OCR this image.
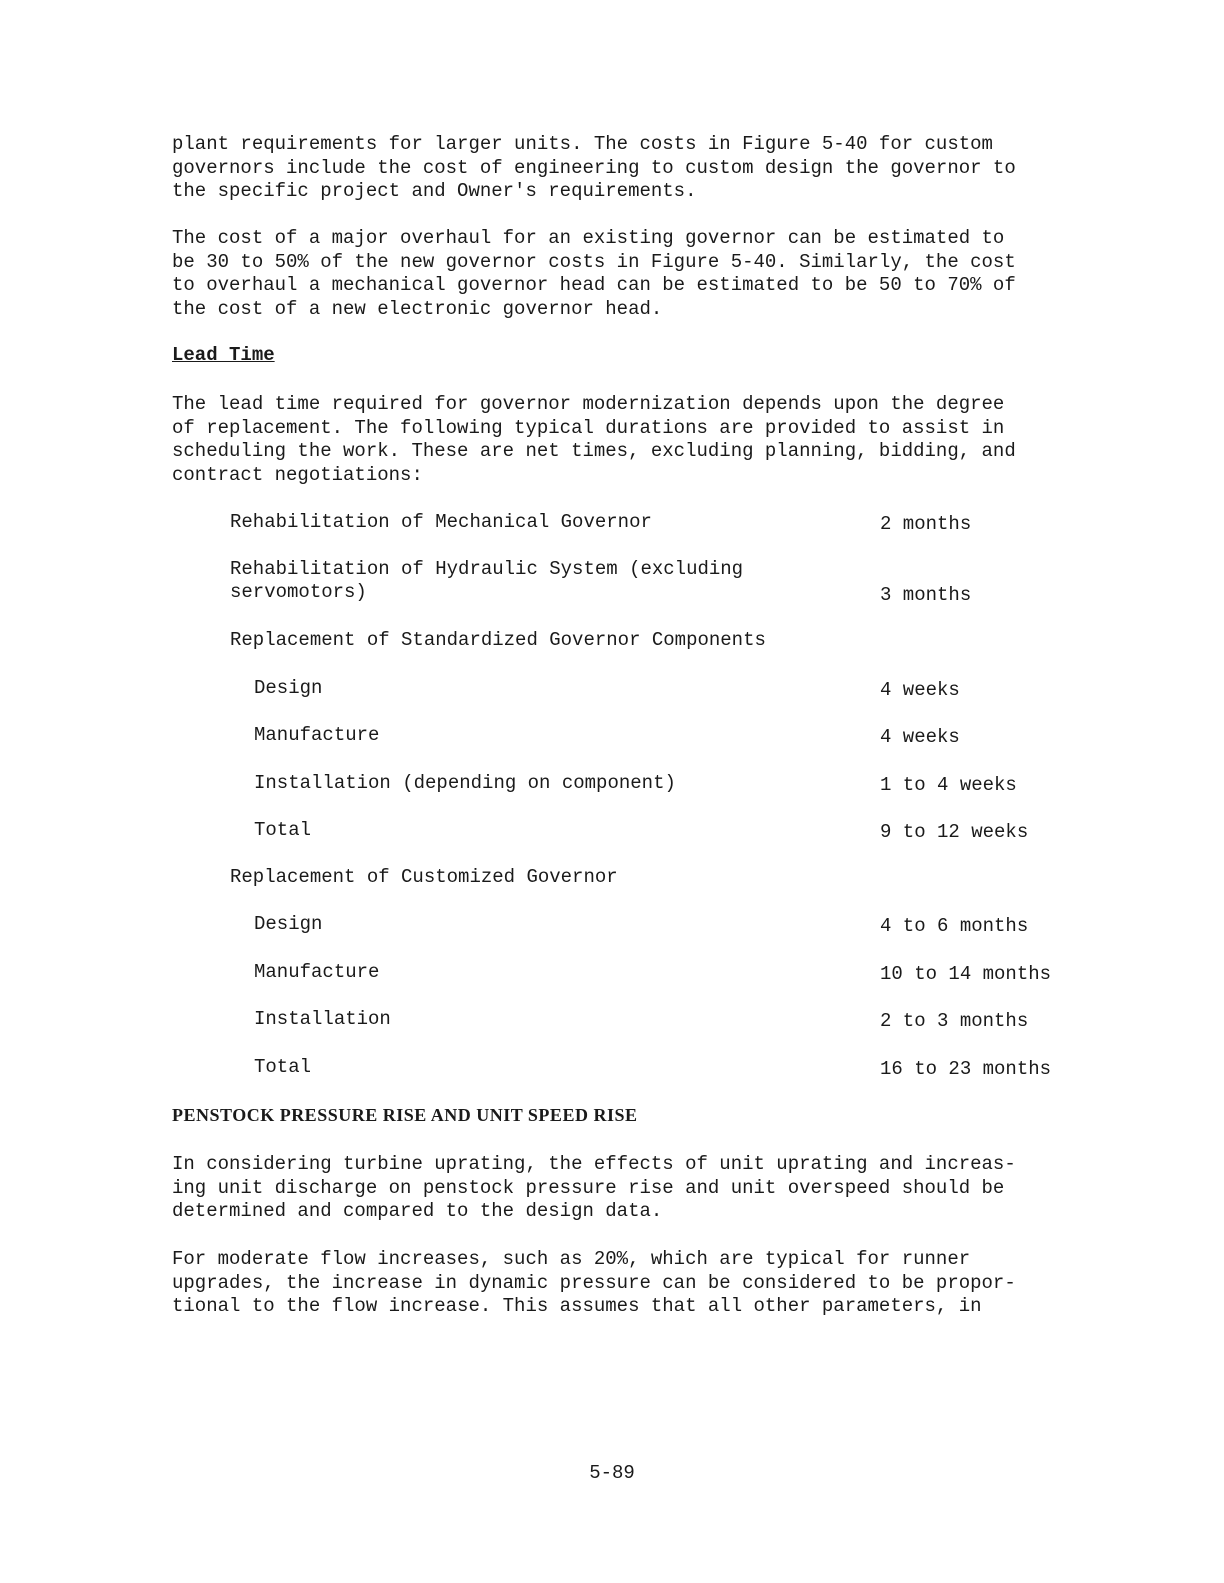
plant requirements for larger units. The costs in Figure 5-40 for custom
governors include the cost of engineering to custom design the governor to
the specific project and Owner's requirements.
The cost of a major overhaul for an existing governor can be estimated to
be 30 to 50% of the new governor costs in Figure 5-40. Similarly, the cost
to overhaul a mechanical governor head can be estimated to be 50 to 70% of
the cost of a new electronic governor head.
Lead Time
The lead time required for governor modernization depends upon the degree
of replacement. The following typical durations are provided to assist in
scheduling the work. These are net times, excluding planning, bidding, and
contract negotiations:
Rehabilitation of Mechanical Governor	2 months
Rehabilitation of Hydraulic System (excluding
servomotors)	3 months
Replacement of Standardized Governor Components
Design	4 weeks
Manufacture	4 weeks
Installation (depending on component)	1 to 4 weeks
Total	9 to 12 weeks
Replacement of Customized Governor
Design	4 to 6 months
Manufacture	10 to 14 months
Installation	2 to 3 months
Total	16 to 23 months
PENSTOCK PRESSURE RISE AND UNIT SPEED RISE
In considering turbine uprating, the effects of unit uprating and increas-
ing unit discharge on penstock pressure rise and unit overspeed should be
determined and compared to the design data.
For moderate flow increases, such as 20%, which are typical for runner
upgrades, the increase in dynamic pressure can be considered to be propor-
tional to the flow increase. This assumes that all other parameters, in
5-89
